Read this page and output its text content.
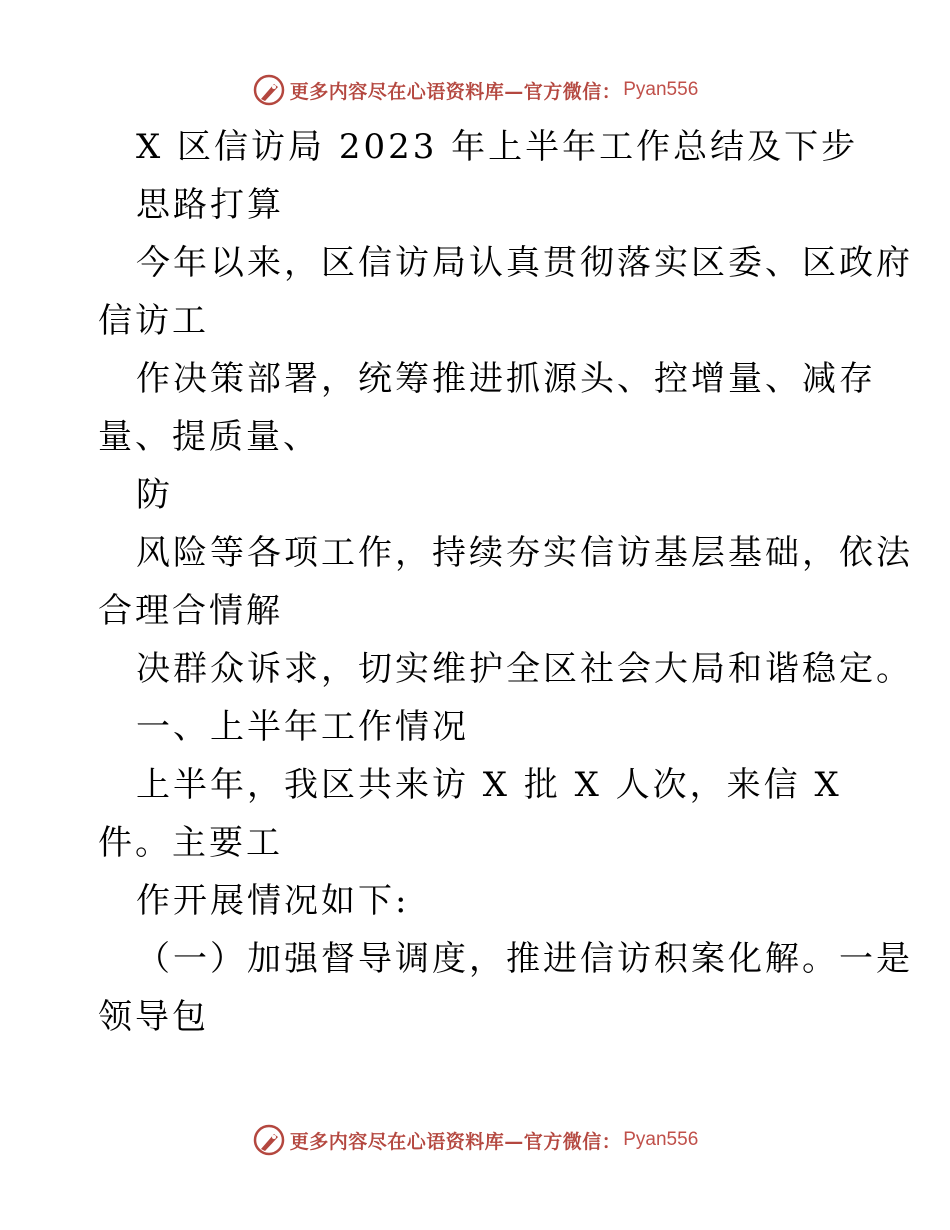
更多内容尽在心语资料库—官方微信： Pyan556
X 区信访局 2023 年上半年工作总结及下步
思路打算
今年以来，区信访局认真贯彻落实区委、区政府
信访工
作决策部署，统筹推进抓源头、控增量、减存
量、提质量、
防
风险等各项工作，持续夯实信访基层基础，依法
合理合情解
决群众诉求，切实维护全区社会大局和谐稳定。
一、上半年工作情况
上半年，我区共来访 X 批 X 人次，来信 X
件。主要工
作开展情况如下:
（一）加强督导调度，推进信访积案化解。一是
领导包
更多内容尽在心语资料库—官方微信： Pyan556
